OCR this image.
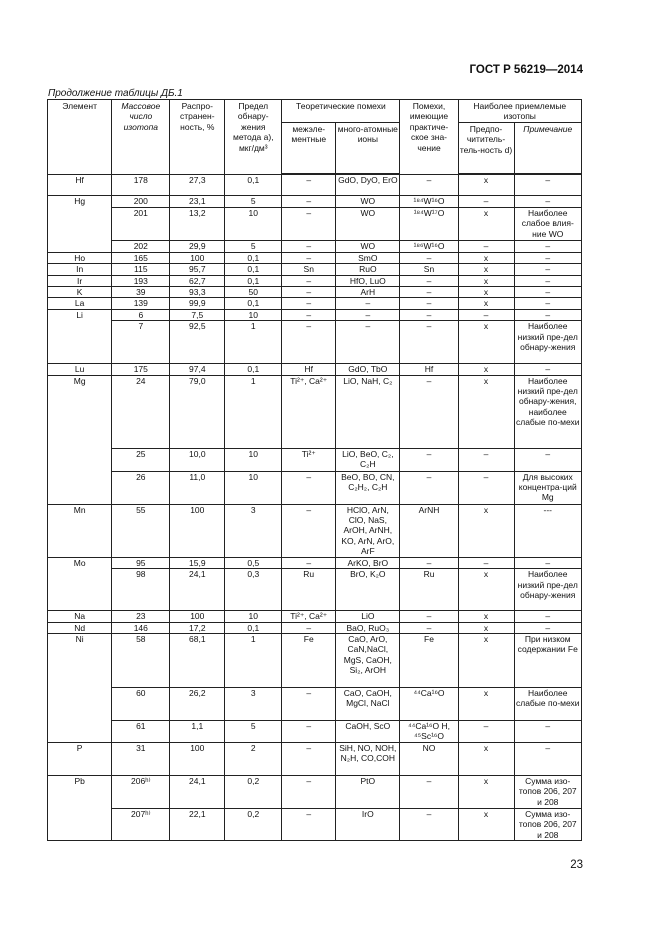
ГОСТ Р 56219—2014
Продолжение таблицы ДБ.1
Элемент	Массовое число изотопа	Распро-странен-ность, %	Предел обнару-жения метода а), мкг/дм³	Теоретические помехи		Помехи, имеющие практиче-ское зна-чение	Наиболее приемлемые изотопы	
				межэле-ментные	много-атомные ионы		Предпо-чититель-тель-ность d)	Примечание
Hf	178	27,3	0,1	–	GdO, DyO, ErO	–	x	–
Hg	200	23,1	5	–	WO	¹⁸⁴W¹⁶O	–	–
	201	13,2	10	–	WO	¹⁸⁴W¹⁷O	x	Наиболее слабое влия-ние WO
	202	29,9	5	–	WO	¹⁸⁶W¹⁶O	–	–
Ho	165	100	0,1	–	SmO	–	x	–
In	115	95,7	0,1	Sn	RuO	Sn	x	–
Ir	193	62,7	0,1	–	HfO, LuO	–	x	–
K	39	93,3	50	–	ArH	–	x	–
La	139	99,9	0,1	–	–	–	x	–
Li	6	7,5	10	–	–	–	–	–
	7	92,5	1	–	–	–	x	Наиболее низкий пре-дел обнару-жения
Lu	175	97,4	0,1	Hf	GdO, TbO	Hf	x	–
Mg	24	79,0	1	Ti²⁺, Ca²⁺	LiO, NaH, C₂	–	x	Наиболее низкий пре-дел обнару-жения, наиболее слабые по-мехи
	25	10,0	10	Ti²⁺	LiO, BeO, C₂, C₂H	–	–	–
	26	11,0	10	–	BeO, BO, CN, C₂H₂, C₂H	–	–	Для высоких концентра-ций Mg
Mn	55	100	3	–	HClO, ArN, ClO, NaS, ArOH, ArNH, KO, ArN, ArO, ArF	ArNH	x	---
Mo	95	15,9	0,5	–	ArKO, BrO	–	–	–
	98	24,1	0,3	Ru	BrO, K₂O	Ru	x	Наиболее низкий пре-дел обнару-жения
Na	23	100	10	Ti²⁺, Ca²⁺	LiO	–	x	–
Nd	146	17,2	0,1	–	BaO, RuO₃	–	x	–
Ni	58	68,1	1	Fe	CaO, ArO, CaN,NaCl, MgS, CaOH, Si₂, ArOH	Fe	x	При низком содержании Fe
	60	26,2	3	–	CaO, CaOH, MgCl, NaCl	⁴⁴Ca¹⁶O	x	Наиболее слабые по-мехи
	61	1,1	5	–	CaOH, ScO	⁴⁴Ca¹⁶O H, ⁴⁵Sc¹⁶O	–	–
P	31	100	2	–	SiH, NO, NOH, N₂H, CO,COH	NO	x	–
Pb	206ʰ⁾	24,1	0,2	–	PtO	–	x	Сумма изо-топов 206, 207 и 208
	207ʰ⁾	22,1	0,2	–	IrO	–	x	Сумма изо-топов 206, 207 и 208
23
